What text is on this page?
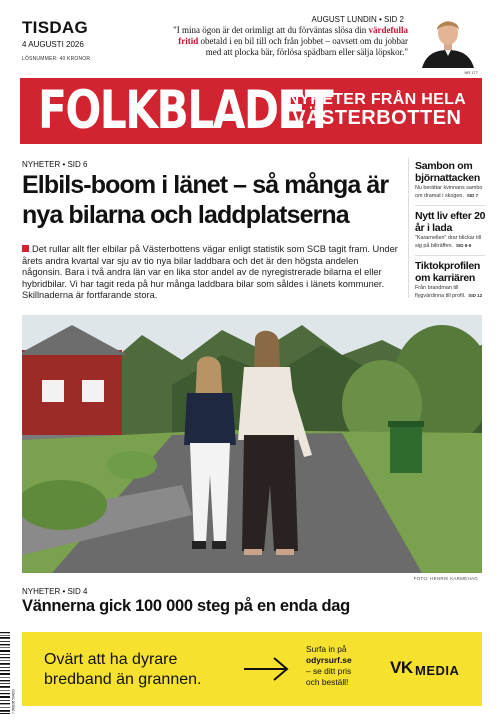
TISDAG
4 AUGUSTI 2026
LÖSNUMMER: 40 KRONOR
AUGUST LUNDIN • SID 2
"I mina ögon är det orimligt att du förväntas slösa din värdefulla fritid obetald i en bil till och från jobbet – oavsett om du jobbar med att plocka bär, förlösa spädbarn eller sälja löpskor."
NR 177
FOLKBLADET
NYHETER FRÅN HELA
VÄSTERBOTTEN
NYHETER • SID 6
Elbils-boom i länet – så många är nya bilarna och laddplatserna

Det rullar allt fler elbilar på Västerbottens vägar enligt statistik som SCB tagit fram. Under årets andra kvartal var sju av tio nya bilar laddbara och det är den högsta andelen någonsin. Bara i två andra län var en lika stor andel av de nyregistrerade bilarna el eller hybridbilar. Vi har tagit reda på hur många laddbara bilar som såldes i länets kommuner. Skillnaderna är fortfarande stora.

Sambon om björnattacken
Nu berättar kvinnans sambo om dramat i skogen. SID 7
Nytt liv efter 20 år i lada
"Kararnellen" drar blickar till sig på bilträffen. SID 8-9
Tiktokprofilen om karriären
Från brandman till flygvärdinna till profil. SID 12
FOTO: HENRIK KARMEHAG
NYHETER • SID 4
Vännerna gick 100 000 steg på en enda dag
7 388106 504003
Ovärt att ha dyrare
bredband än grannen.
Surfa in på
odyrsurf.se
– se ditt pris
och beställ!
VK MEDIA
